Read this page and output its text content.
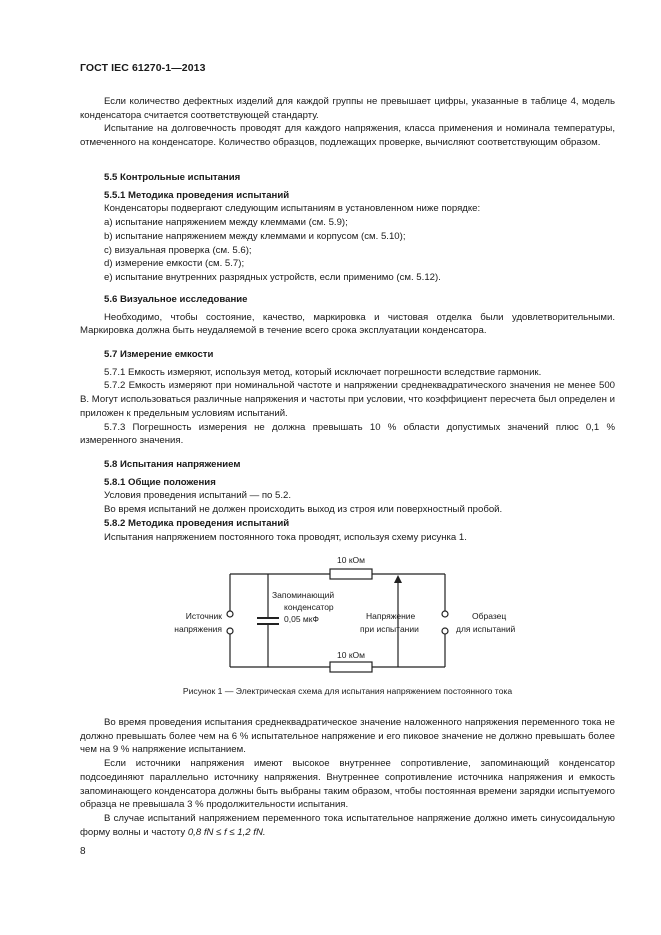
ГОСТ IEC 61270-1—2013

Если количество дефектных изделий для каждой группы не превышает цифры, указанные в таблице 4, модель конденсатора считается соответствующей стандарту.

Испытание на долговечность проводят для каждого напряжения, класса применения и номинала температуры, отмеченного на конденсаторе. Количество образцов, подлежащих проверке, вычисляют соответствующим образом.

5.5 Контрольные испытания

5.5.1 Методика проведения испытаний

Конденсаторы подвергают следующим испытаниям в установленном ниже порядке:

a) испытание напряжением между клеммами (см. 5.9);
b) испытание напряжением между клеммами и корпусом (см. 5.10);
c) визуальная проверка (см. 5.6);
d) измерение емкости (см. 5.7);
e) испытание внутренних разрядных устройств, если применимо (см. 5.12).

5.6 Визуальное исследование

Необходимо, чтобы состояние, качество, маркировка и чистовая отделка были удовлетворительными. Маркировка должна быть неудаляемой в течение всего срока эксплуатации конденсатора.

5.7 Измерение емкости

5.7.1 Емкость измеряют, используя метод, который исключает погрешности вследствие гармоник.

5.7.2 Емкость измеряют при номинальной частоте и напряжении среднеквадратического значения не менее 500 В. Могут использоваться различные напряжения и частоты при условии, что коэффициент пересчета был определен и приложен к предельным условиям испытаний.

5.7.3 Погрешность измерения не должна превышать 10 % области допустимых значений плюс 0,1 % измеренного значения.

5.8 Испытания напряжением

5.8.1 Общие положения

Условия проведения испытаний — по 5.2.

Во время испытаний не должен происходить выход из строя или поверхностный пробой.

5.8.2 Методика проведения испытаний

Испытания напряжением постоянного тока проводят, используя схему рисунка 1.

10 кОм
10 кОм
Источник
напряжения
Запоминающий
конденсатор
0,05 мкФ	Напряжение
при испытании
Образец
для испытаний
Рисунок 1 — Электрическая схема для испытания напряжением постоянного тока

Во время проведения испытания среднеквадратическое значение наложенного напряжения переменного тока не должно превышать более чем на 6 % испытательное напряжение и его пиковое значение не должно превышать более чем на 9 % напряжение испытанием.

Если источники напряжения имеют высокое внутреннее сопротивление, запоминающий конденсатор подсоединяют параллельно источнику напряжения. Внутреннее сопротивление источника напряжения и емкость запоминающего конденсатора должны быть выбраны таким образом, чтобы постоянная времени зарядки испытуемого образца не превышала 3 % продолжительности испытания.

В случае испытаний напряжением переменного тока испытательное напряжение должно иметь синусоидальную форму волны и частоту 0,8 fN ≤ f ≤ 1,2 fN.

8
